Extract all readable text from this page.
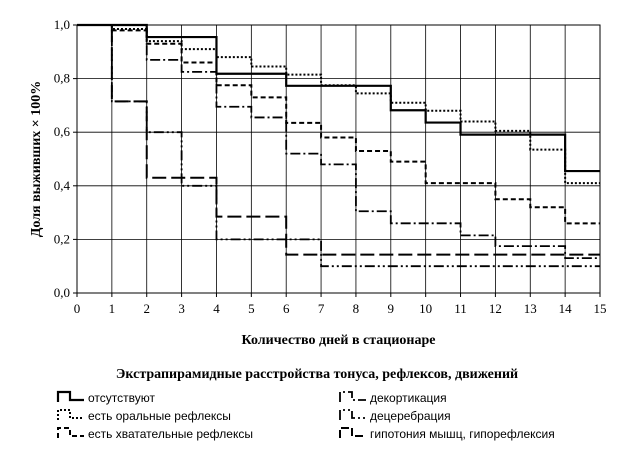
0 1 2 3 4 5 6 7 8 9 10 11 12 13 14 15
0,0
0,2
0,4
0,6
0,8
1,0
Количество дней в стационаре
Доля выживших × 100%
Экстрапирамидные расстройства тонуса, рефлексов, движений
отсутствуют
есть оральные рефлексы
есть хватательные рефлексы
декортикация
децеребрация
гипотония мышц, гипорефлексия
